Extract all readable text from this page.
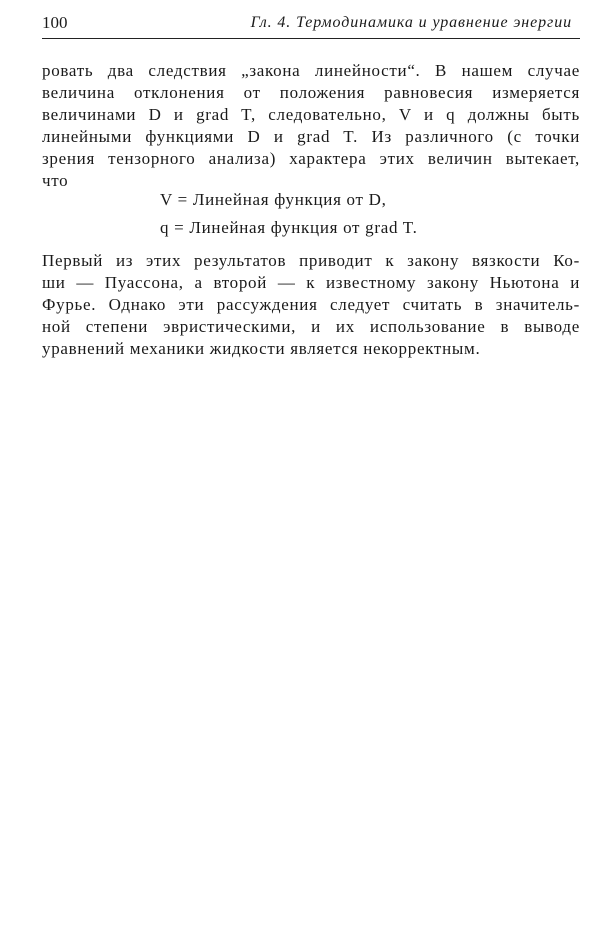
100	Гл. 4. Термодинамика и уравнение энергии
ровать два следствия „закона линейности“. В нашем случае
величина отклонения от положения равновесия измеряется
величинами D и grad T, следовательно, V и q должны быть
линейными функциями D и grad T. Из различного (с точки
зрения тензорного анализа) характера этих величин вытекает,
что
V = Линейная функция от D,
q = Линейная функция от grad T.
Первый из этих результатов приводит к закону вязкости Ко-
ши — Пуассона, а второй — к известному закону Ньютона и
Фурье. Однако эти рассуждения следует считать в значитель-
ной степени эвристическими, и их использование в выводе
уравнений механики жидкости является некорректным.
